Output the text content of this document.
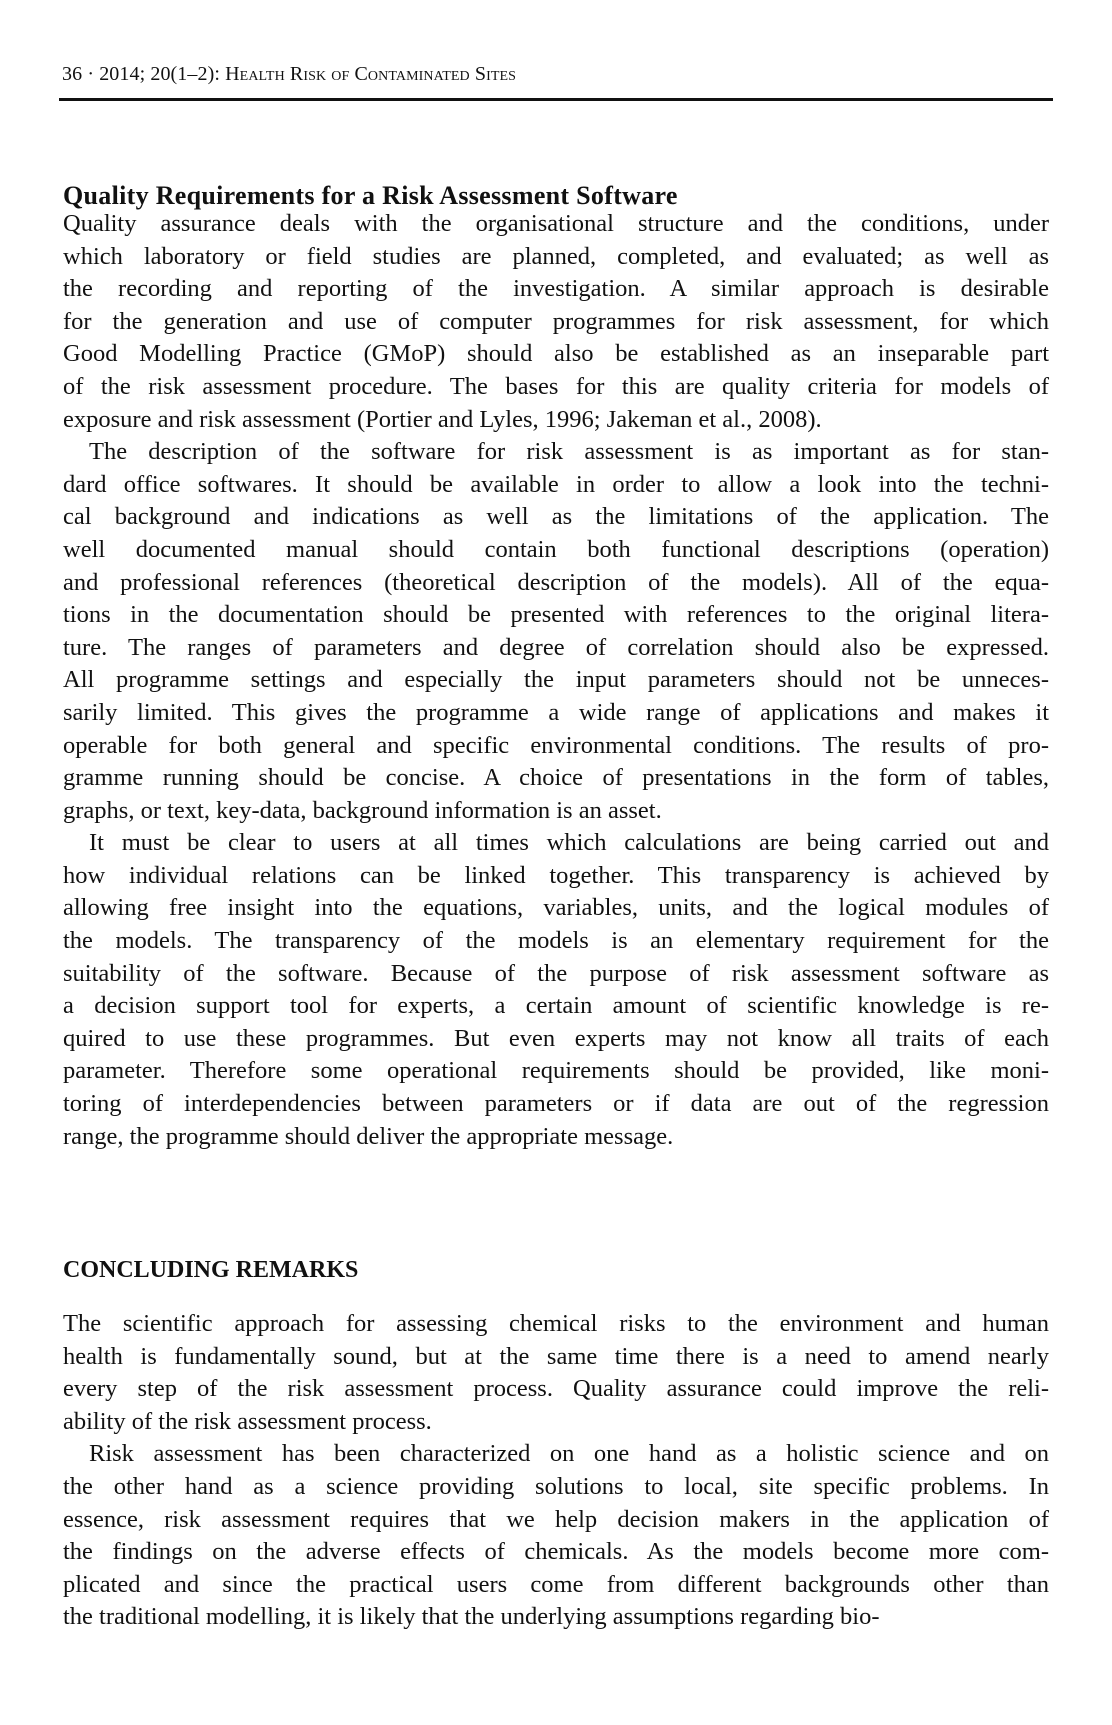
36 · 2014; 20(1–2): Health Risk of Contaminated Sites
Quality Requirements for a Risk Assessment Software

Quality assurance deals with the organisational structure and the conditions, under
which laboratory or field studies are planned, completed, and evaluated; as well as
the recording and reporting of the investigation. A similar approach is desirable
for the generation and use of computer programmes for risk assessment, for which
Good Modelling Practice (GMoP) should also be established as an inseparable part
of the risk assessment procedure. The bases for this are quality criteria for models of
exposure and risk assessment (Portier and Lyles, 1996; Jakeman et al., 2008).

The description of the software for risk assessment is as important as for stan-
dard office softwares. It should be available in order to allow a look into the techni-
cal background and indications as well as the limitations of the application. The
well documented manual should contain both functional descriptions (operation)
and professional references (theoretical description of the models). All of the equa-
tions in the documentation should be presented with references to the original litera-
ture. The ranges of parameters and degree of correlation should also be expressed.
All programme settings and especially the input parameters should not be unneces-
sarily limited. This gives the programme a wide range of applications and makes it
operable for both general and specific environmental conditions. The results of pro-
gramme running should be concise. A choice of presentations in the form of tables,
graphs, or text, key-data, background information is an asset.

It must be clear to users at all times which calculations are being carried out and
how individual relations can be linked together. This transparency is achieved by
allowing free insight into the equations, variables, units, and the logical modules of
the models. The transparency of the models is an elementary requirement for the
suitability of the software. Because of the purpose of risk assessment software as
a decision support tool for experts, a certain amount of scientific knowledge is re-
quired to use these programmes. But even experts may not know all traits of each
parameter. Therefore some operational requirements should be provided, like moni-
toring of interdependencies between parameters or if data are out of the regression
range, the programme should deliver the appropriate message.

CONCLUDING REMARKS

The scientific approach for assessing chemical risks to the environment and human
health is fundamentally sound, but at the same time there is a need to amend nearly
every step of the risk assessment process. Quality assurance could improve the reli-
ability of the risk assessment process.

Risk assessment has been characterized on one hand as a holistic science and on
the other hand as a science providing solutions to local, site specific problems. In
essence, risk assessment requires that we help decision makers in the application of
the findings on the adverse effects of chemicals. As the models become more com-
plicated and since the practical users come from different backgrounds other than
the traditional modelling, it is likely that the underlying assumptions regarding bio-
